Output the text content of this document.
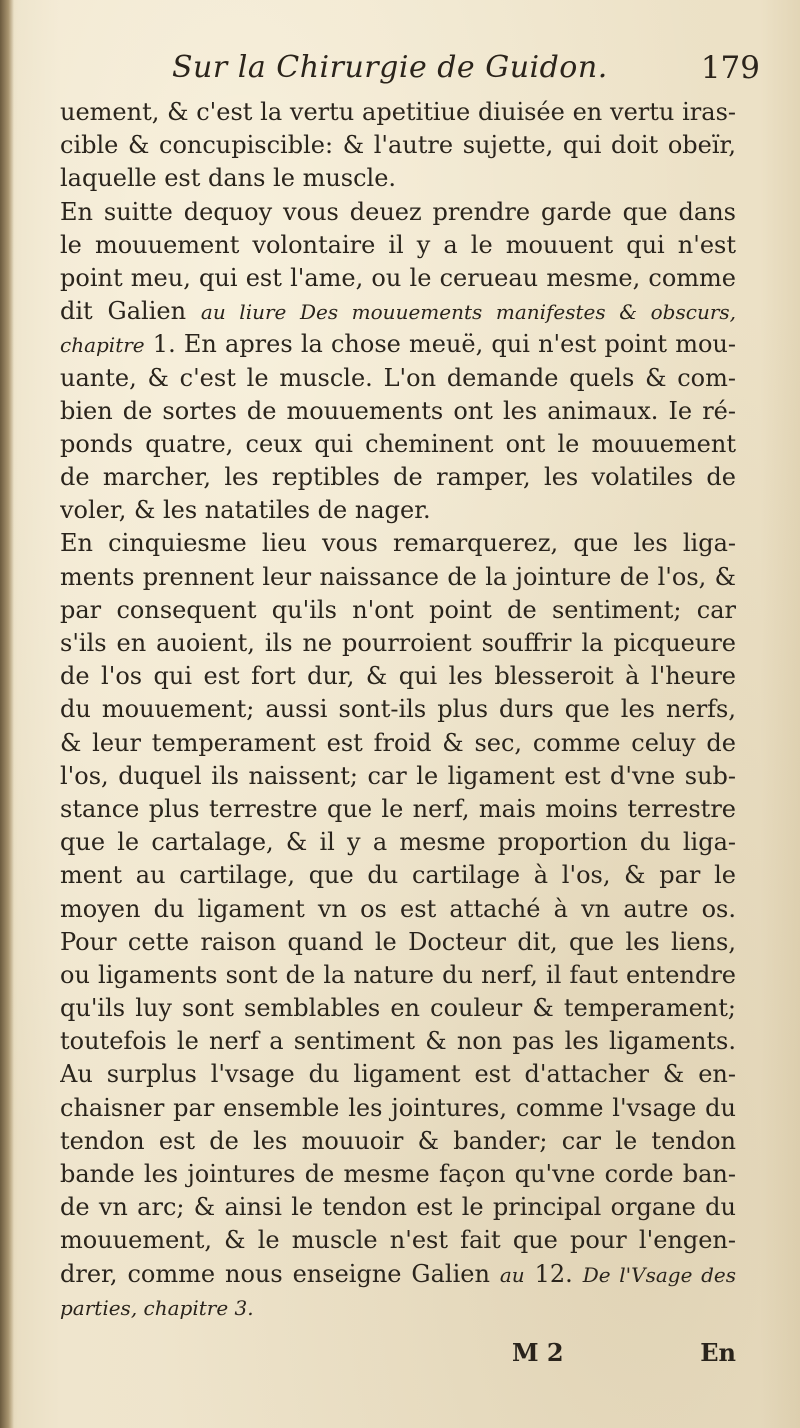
Sur la Chirurgie de Guidon.	179
uement, & c'est la vertu apetitiue diuisée en vertu iras-
cible & concupiscible: & l'autre sujette, qui doit obeïr,
laquelle est dans le muscle.
En suitte dequoy vous deuez prendre garde que dans
le mouuement volontaire il y a le mouuent qui n'est
point meu, qui est l'ame, ou le cerueau mesme, comme
dit Galien au liure Des mouuements manifestes & obscurs,
chapitre 1. En apres la chose meuë, qui n'est point mou-
uante, & c'est le muscle. L'on demande quels & com-
bien de sortes de mouuements ont les animaux. Ie ré-
ponds quatre, ceux qui cheminent ont le mouuement
de marcher, les reptibles de ramper, les volatiles de
voler, & les natatiles de nager.
En cinquiesme lieu vous remarquerez, que les liga-
ments prennent leur naissance de la jointure de l'os, &
par consequent qu'ils n'ont point de sentiment; car
s'ils en auoient, ils ne pourroient souffrir la picqueure
de l'os qui est fort dur, & qui les blesseroit à l'heure
du mouuement; aussi sont-ils plus durs que les nerfs,
& leur temperament est froid & sec, comme celuy de
l'os, duquel ils naissent; car le ligament est d'vne sub-
stance plus terrestre que le nerf, mais moins terrestre
que le cartalage, & il y a mesme proportion du liga-
ment au cartilage, que du cartilage à l'os, & par le
moyen du ligament vn os est attaché à vn autre os.
Pour cette raison quand le Docteur dit, que les liens,
ou ligaments sont de la nature du nerf, il faut entendre
qu'ils luy sont semblables en couleur & temperament;
toutefois le nerf a sentiment & non pas les ligaments.
Au surplus l'vsage du ligament est d'attacher & en-
chaisner par ensemble les jointures, comme l'vsage du
tendon est de les mouuoir & bander; car le tendon
bande les jointures de mesme façon qu'vne corde ban-
de vn arc; & ainsi le tendon est le principal organe du
mouuement, & le muscle n'est fait que pour l'engen-
drer, comme nous enseigne Galien au 12. De l'Vsage des
parties, chapitre 3.
M 2	En
